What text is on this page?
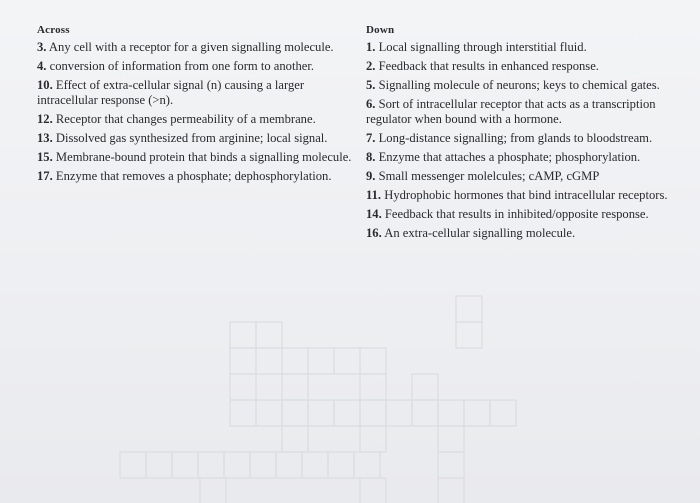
Across
3. Any cell with a receptor for a given signalling molecule.
4. conversion of information from one form to another.
10. Effect of extra-cellular signal (n) causing a larger intracellular response (>n).
12. Receptor that changes permeability of a membrane.
13. Dissolved gas synthesized from arginine; local signal.
15. Membrane-bound protein that binds a signalling molecule.
17. Enzyme that removes a phosphate; dephosphorylation.
Down
1. Local signalling through interstitial fluid.
2. Feedback that results in enhanced response.
5. Signalling molecule of neurons; keys to chemical gates.
6. Sort of intracellular receptor that acts as a transcription regulator when bound with a hormone.
7. Long-distance signalling; from glands to bloodstream.
8. Enzyme that attaches a phosphate; phosphorylation.
9. Small messenger molelcules; cAMP, cGMP
11. Hydrophobic hormones that bind intracellular receptors.
14. Feedback that results in inhibited/opposite response.
16. An extra-cellular signalling molecule.
